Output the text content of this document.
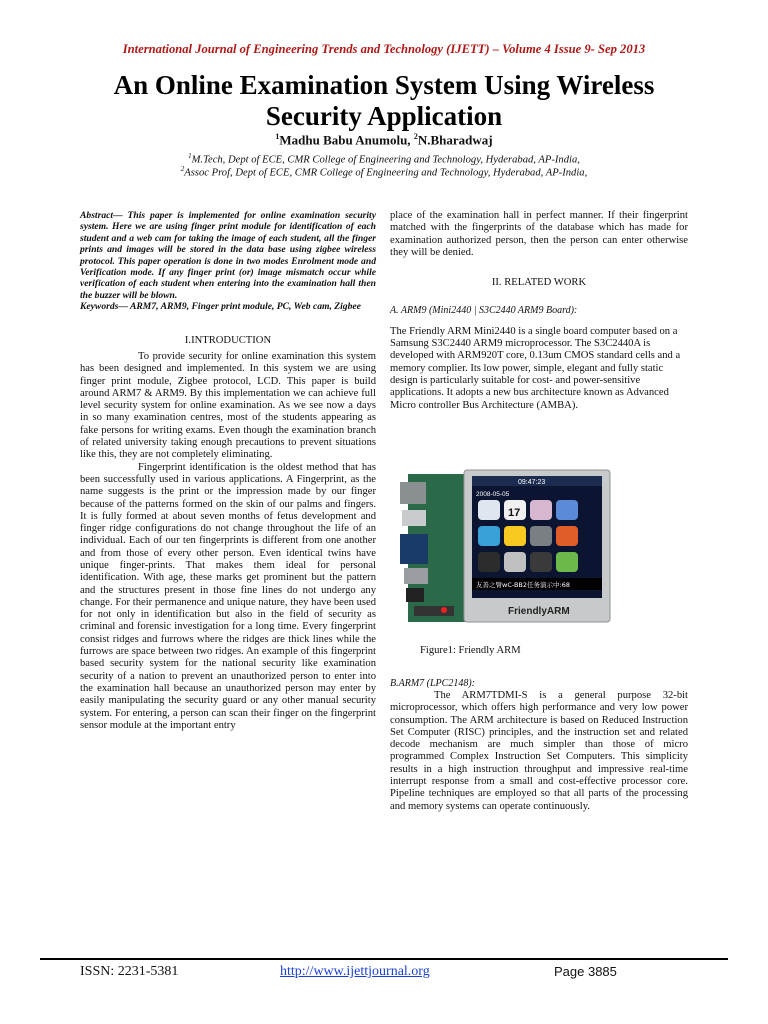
International Journal of Engineering Trends and Technology (IJETT) – Volume 4 Issue 9- Sep 2013
An Online Examination System Using Wireless
Security Application
$^1$Madhu Babu Anumolu, $^2$N.Bharadwaj
$^1$M.Tech, Dept of ECE, CMR College of Engineering and Technology, Hyderabad, AP-India,
$^2$Assoc Prof, Dept of ECE, CMR College of Engineering and Technology, Hyderabad, AP-India,
Abstract— This paper is implemented for online examination security system. Here we are using finger print module for identification of each student and a web cam for taking the image of each student, all the finger prints and images will be stored in the data base using zigbee wireless protocol. This paper operation is done in two modes Enrolment mode and Verification mode. If any finger print (or) image mismatch occur while verification of each student when entering into the examination hall then the buzzer will be blown.
Keywords— ARM7, ARM9, Finger print module, PC, Web cam, Zigbee
I.INTRODUCTION
To provide security for online examination this system has been designed and implemented. In this system we are using finger print module, Zigbee protocol, LCD. This paper is build around ARM7 & ARM9. By this implementation we can achieve full level security system for online examination. As we see now a days in so many examination centres, most of the students appearing as fake persons for writing exams. Even though the examination branch of related university taking enough precautions to prevent situations like this, they are not completely eliminating.
Fingerprint identification is the oldest method that has been successfully used in various applications. A Fingerprint, as the name suggests is the print or the impression made by our finger because of the patterns formed on the skin of our palms and fingers. It is fully formed at about seven months of fetus development and finger ridge configurations do not change throughout the life of an individual. Each of our ten fingerprints is different from one another and from those of every other person. Even identical twins have unique finger-prints. That makes them ideal for personal identification. With age, these marks get prominent but the pattern and the structures present in those fine lines do not undergo any change. For their permanence and unique nature, they have been used for not only in identification but also in the field of security as criminal and forensic investigation for a long time. Every fingerprint consist ridges and furrows where the ridges are thick lines while the furrows are space between two ridges. An example of this fingerprint based security system for the national security like examination security of a nation to prevent an unauthorized person to enter into the examination hall because an unauthorized person may enter by easily manipulating the security guard or any other manual security system. For entering, a person can scan their finger on the fingerprint sensor module at the important entry
place of the examination hall in perfect manner. If their fingerprint matched with the fingerprints of the database which has made for examination authorized person, then the person can enter otherwise they will be denied.
II. RELATED WORK
A. ARM9 (Mini2440 | S3C2440 ARM9 Board):
The Friendly ARM Mini2440 is a single board computer based on a Samsung S3C2440 ARM9 microprocessor. The S3C2440A is developed with ARM920T core, 0.13um CMOS standard cells and a memory complier. Its low power, simple, elegant and fully static design is particularly suitable for cost- and power-sensitive applications. It adopts a new bus architecture known as Advanced Micro controller Bus Architecture (AMBA).
09:47:23
2008-05-05
17
友善之臂wC-BB2任务演示中:68
FriendlyARM
Figure1: Friendly ARM
B.ARM7 (LPC2148):
The ARM7TDMI-S is a general purpose 32-bit microprocessor, which offers high performance and very low power consumption. The ARM architecture is based on Reduced Instruction Set Computer (RISC) principles, and the instruction set and related decode mechanism are much simpler than those of micro programmed Complex Instruction Set Computers. This simplicity results in a high instruction throughput and impressive real-time interrupt response from a small and cost-effective processor core. Pipeline techniques are employed so that all parts of the processing and memory systems can operate continuously.
ISSN: 2231-5381	http://www.ijettjournal.org	Page 3885
